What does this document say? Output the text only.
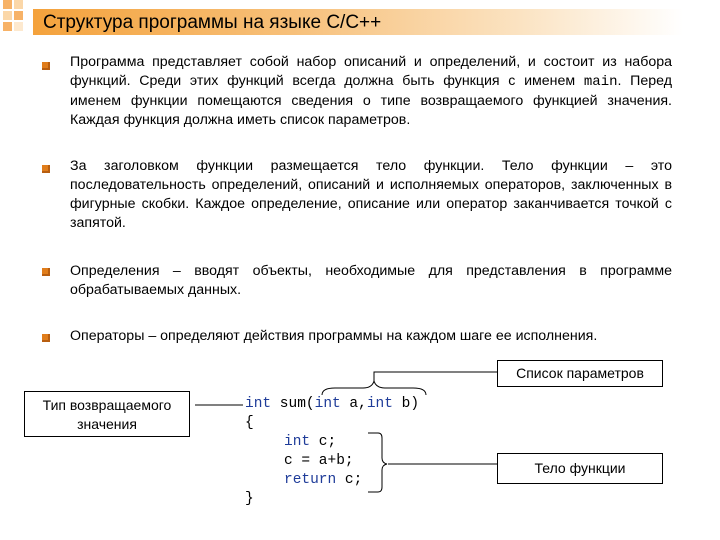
Структура программы на языке C/C++
Программа представляет собой набор описаний и определений, и состоит из набора функций. Среди этих функций всегда должна быть функция с именем main. Перед именем функции помещаются сведения о типе возвращаемого функцией значения. Каждая функция должна иметь список параметров.
За заголовком функции размещается тело функции. Тело функции – это последовательность определений, описаний и исполняемых операторов, заключенных в фигурные скобки. Каждое определение, описание или оператор заканчивается точкой с запятой.
Определения – вводят объекты, необходимые для представления в программе обрабатываемых данных.
Операторы – определяют действия программы на каждом шаге ее исполнения.
Список параметров
Тип возвращаемого значения
Тело функции
int sum(int a,int b)
{
int c;
c = a+b;
return c;
}
